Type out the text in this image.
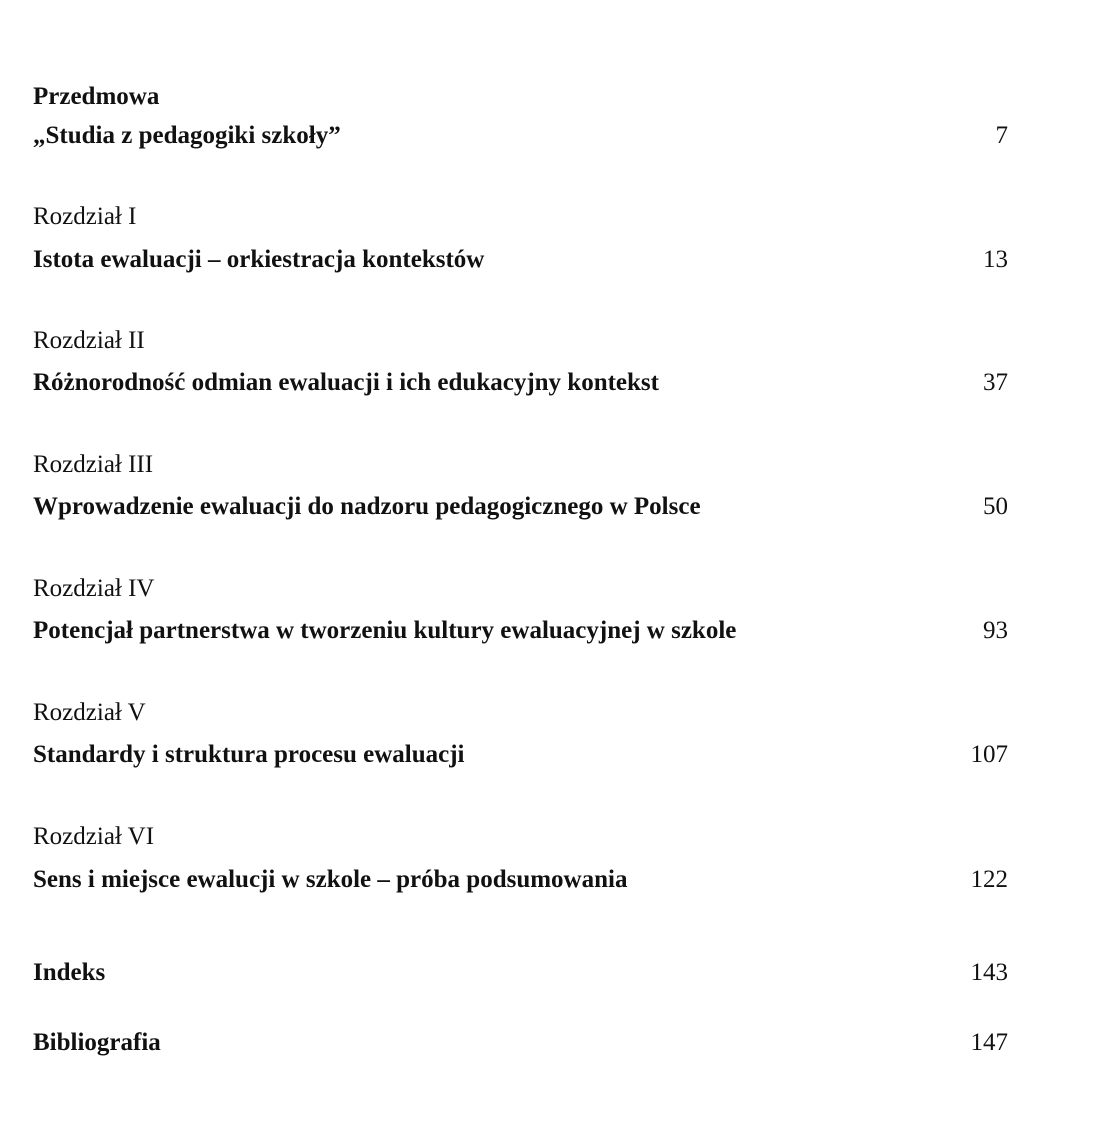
Przedmowa
„Studia z pedagogiki szkoły”	7
Rozdział I
Istota ewaluacji – orkiestracja kontekstów	13
Rozdział II
Różnorodność odmian ewaluacji i ich edukacyjny kontekst	37
Rozdział III
Wprowadzenie ewaluacji do nadzoru pedagogicznego w Polsce	50
Rozdział IV
Potencjał partnerstwa w tworzeniu kultury ewaluacyjnej w szkole	93
Rozdział V
Standardy i struktura procesu ewaluacji	107
Rozdział VI
Sens i miejsce ewalucji w szkole – próba podsumowania	122
Indeks	143
Bibliografia	147
